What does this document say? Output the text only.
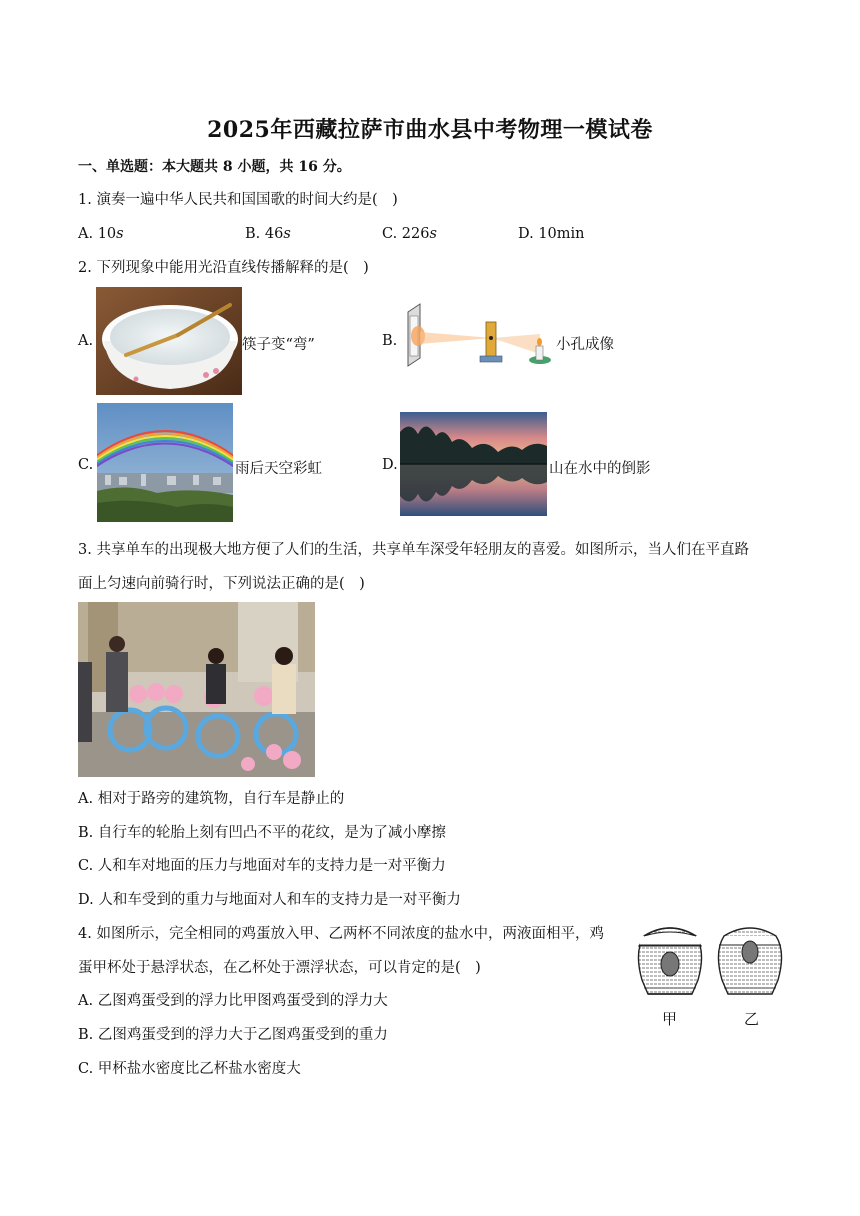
2025年西藏拉萨市曲水县中考物理一模试卷
一、单选题：本大题共 8 小题，共 16 分。
1. 演奏一遍中华人民共和国国歌的时间大约是(　)
A. 10s	B. 46s	C. 226s	D. 10min
2. 下列现象中能用光沿直线传播解释的是(　)
A.	筷子变“弯”	B.	小孔成像
C.	雨后天空彩虹	D.	山在水中的倒影
3. 共享单车的出现极大地方便了人们的生活，共享单车深受年轻朋友的喜爱。如图所示，当人们在平直路
面上匀速向前骑行时，下列说法正确的是(　)
A. 相对于路旁的建筑物，自行车是静止的
B. 自行车的轮胎上刻有凹凸不平的花纹，是为了减小摩擦
C. 人和车对地面的压力与地面对车的支持力是一对平衡力
D. 人和车受到的重力与地面对人和车的支持力是一对平衡力
4. 如图所示，完全相同的鸡蛋放入甲、乙两杯不同浓度的盐水中，两液面相平，鸡
蛋甲杯处于悬浮状态，在乙杯处于漂浮状态，可以肯定的是(　)
A. 乙图鸡蛋受到的浮力比甲图鸡蛋受到的浮力大
B. 乙图鸡蛋受到的浮力大于乙图鸡蛋受到的重力
C. 甲杯盐水密度比乙杯盐水密度大
甲	乙
